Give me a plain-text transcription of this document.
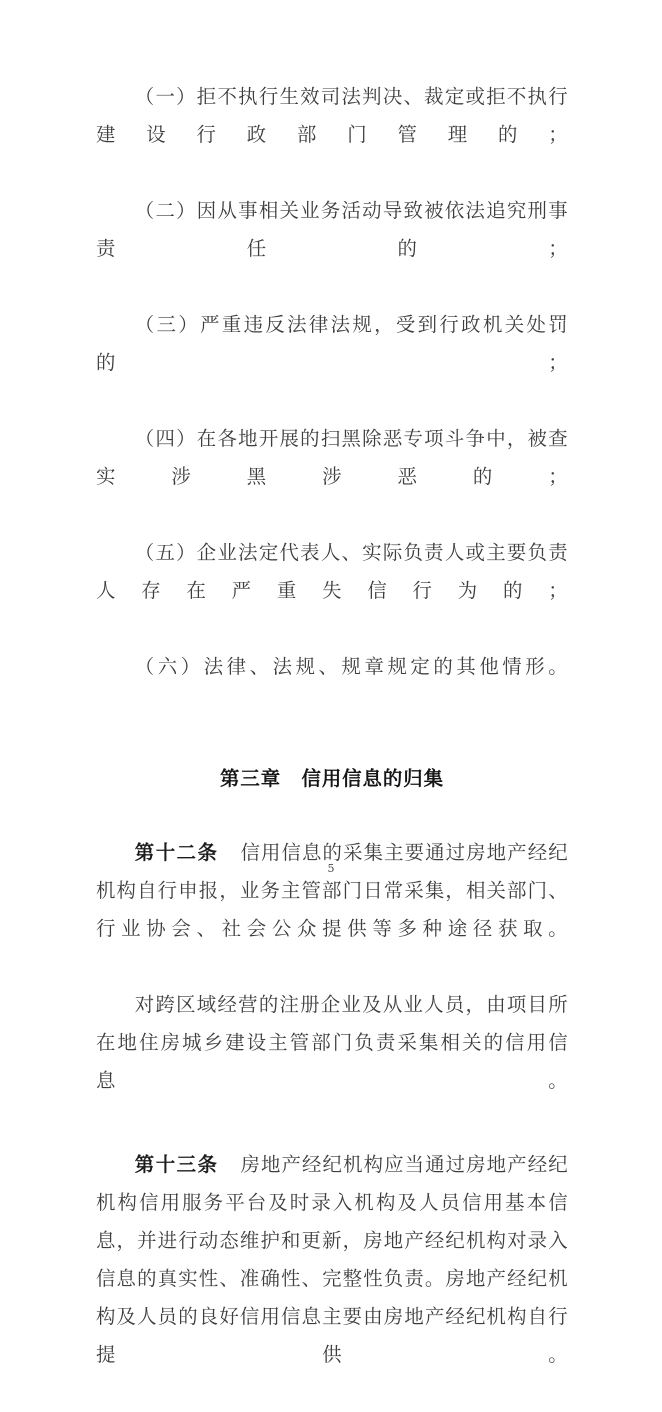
（一）拒不执行生效司法判决、裁定或拒不执行建设行政部门管理的；

（二）因从事相关业务活动导致被依法追究刑事责任的；

（三）严重违反法律法规，受到行政机关处罚的；

（四）在各地开展的扫黑除恶专项斗争中，被查实涉黑涉恶的；

（五）企业法定代表人、实际负责人或主要负责人存在严重失信行为的；

（六）法律、法规、规章规定的其他情形。

第三章　信用信息的归集

第十二条 信用信息的采集主要通过房地产经纪机构自行申报，业务主管部门日常采集，相关部门、行业协会、社会公众提供等多种途径获取。

对跨区域经营的注册企业及从业人员，由项目所在地住房城乡建设主管部门负责采集相关的信用信息。

第十三条 房地产经纪机构应当通过房地产经纪机构信用服务平台及时录入机构及人员信用基本信息，并进行动态维护和更新，房地产经纪机构对录入信息的真实性、准确性、完整性负责。房地产经纪机构及人员的良好信用信息主要由房地产经纪机构自行提供。

5
